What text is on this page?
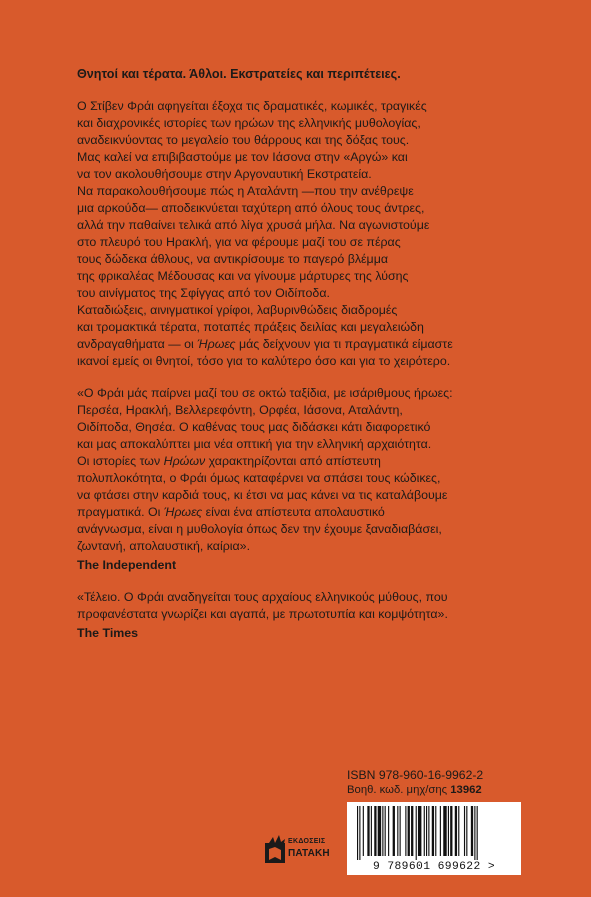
Θνητοί και τέρατα. Άθλοι. Εκστρατείες και περιπέτειες.
Ο Στίβεν Φράι αφηγείται έξοχα τις δραματικές, κωμικές, τραγικές
και διαχρονικές ιστορίες των ηρώων της ελληνικής μυθολογίας,
αναδεικνύοντας το μεγαλείο του θάρρους και της δόξας τους.
Μας καλεί να επιβιβαστούμε με τον Ιάσονα στην «Αργώ» και
να τον ακολουθήσουμε στην Αργοναυτική Εκστρατεία.
Να παρακολουθήσουμε πώς η Αταλάντη —που την ανέθρεψε
μια αρκούδα— αποδεικνύεται ταχύτερη από όλους τους άντρες,
αλλά την παθαίνει τελικά από λίγα χρυσά μήλα. Να αγωνιστούμε
στο πλευρό του Ηρακλή, για να φέρουμε μαζί του σε πέρας
τους δώδεκα άθλους, να αντικρίσουμε το παγερό βλέμμα
της φρικαλέας Μέδουσας και να γίνουμε μάρτυρες της λύσης
του αινίγματος της Σφίγγας από τον Οιδίποδα.
Καταδιώξεις, αινιγματικοί γρίφοι, λαβυρινθώδεις διαδρομές
και τρομακτικά τέρατα, ποταπές πράξεις δειλίας και μεγαλειώδη
ανδραγαθήματα — οι Ήρωες μάς δείχνουν για τι πραγματικά είμαστε
ικανοί εμείς οι θνητοί, τόσο για το καλύτερο όσο και για το χειρότερο.
«Ο Φράι μάς παίρνει μαζί του σε οκτώ ταξίδια, με ισάριθμους ήρωες:
Περσέα, Ηρακλή, Βελλερεφόντη, Ορφέα, Ιάσονα, Αταλάντη,
Οιδίποδα, Θησέα. Ο καθένας τους μας διδάσκει κάτι διαφορετικό
και μας αποκαλύπτει μια νέα οπτική για την ελληνική αρχαιότητα.
Οι ιστορίες των Ηρώων χαρακτηρίζονται από απίστευτη
πολυπλοκότητα, ο Φράι όμως καταφέρνει να σπάσει τους κώδικες,
να φτάσει στην καρδιά τους, κι έτσι να μας κάνει να τις καταλάβουμε
πραγματικά. Οι Ήρωες είναι ένα απίστευτα απολαυστικό
ανάγνωσμα, είναι η μυθολογία όπως δεν την έχουμε ξαναδιαβάσει,
ζωντανή, απολαυστική, καίρια».
The Independent
«Τέλειο. Ο Φράι αναδηγείται τους αρχαίους ελληνικούς μύθους, που
προφανέστατα γνωρίζει και αγαπά, με πρωτοτυπία και κομψότητα».
The Times
ΕΚΔΟΣΕΙΣ
ΠΑΤΑΚΗ
ISBN 978-960-16-9962-2
Βοηθ. κωδ. μηχ/σης 13962
9 789601 699622 >
